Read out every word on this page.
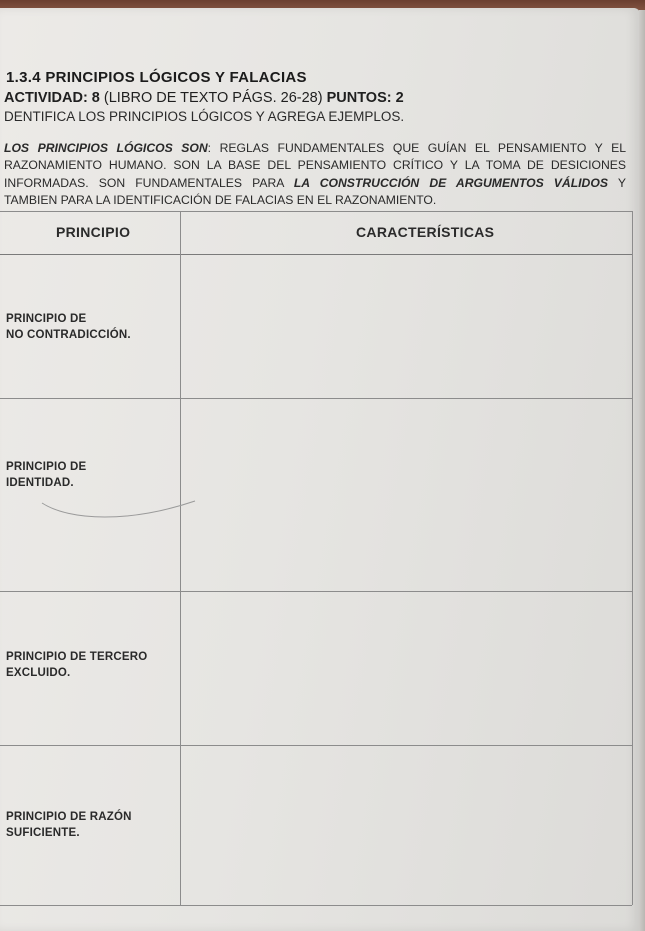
1.3.4 PRINCIPIOS LÓGICOS Y FALACIAS
ACTIVIDAD: 8 (LIBRO DE TEXTO PÁGS. 26-28) PUNTOS: 2
DENTIFICA LOS PRINCIPIOS LÓGICOS Y AGREGA EJEMPLOS.
LOS PRINCIPIOS LÓGICOS SON: REGLAS FUNDAMENTALES QUE GUÍAN EL PENSAMIENTO Y EL RAZONAMIENTO HUMANO. SON LA BASE DEL PENSAMIENTO CRÍTICO Y LA TOMA DE DESICIONES INFORMADAS. SON FUNDAMENTALES PARA LA CONSTRUCCIÓN DE ARGUMENTOS VÁLIDOS Y
TAMBIEN PARA LA IDENTIFICACIÓN DE FALACIAS EN EL RAZONAMIENTO.
PRINCIPIO	CARACTERÍSTICAS
PRINCIPIO DE
NO CONTRADICCIÓN.
PRINCIPIO DE
IDENTIDAD.
PRINCIPIO DE TERCERO
EXCLUIDO.
PRINCIPIO DE RAZÓN
SUFICIENTE.
